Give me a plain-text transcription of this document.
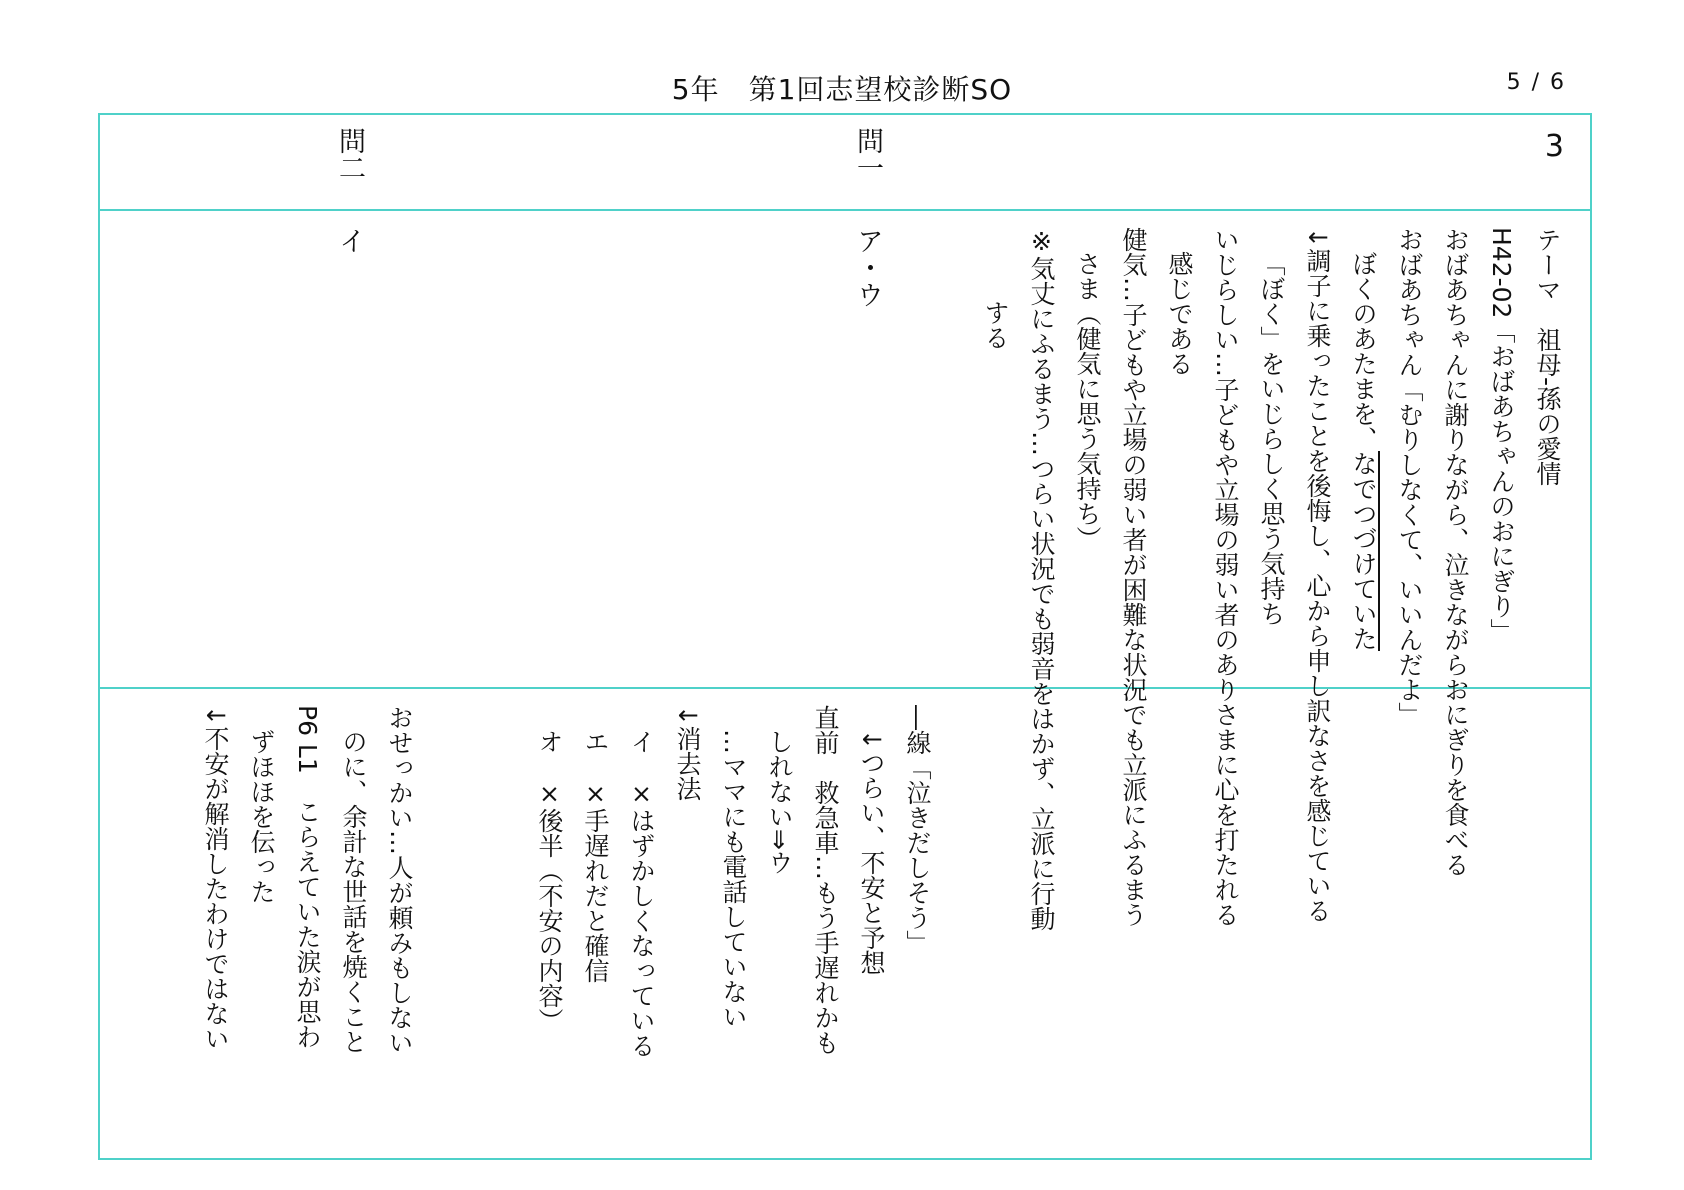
5年　第1回志望校診断SO	5 / 6
3
問一
問二
ア・ウ
イ	テーマ　祖母-孫の愛情
H42-02「おばあちゃんのおにぎり」
おばあちゃんに謝りながら、泣きながらおにぎりを食べる
おばあちゃん「むりしなくて、いいんだよ」
ぼくのあたまを、なでつづけていた
↓調子に乗ったことを後悔し、心から申し訳なさを感じている
「ぼく」をいじらしく思う気持ち
いじらしい…子どもや立場の弱い者のありさまに心を打たれる
感じである
健気…子どもや立場の弱い者が困難な状況でも立派にふるまう
さま（健気に思う気持ち）
※気丈にふるまう…つらい状況でも弱音をはかず、立派に行動
する
―線「泣きだしそう」
↓つらい、不安と予想
直前　救急車…もう手遅れかも
しれない⇒ウ
…ママにも電話していない
↓消去法
イ　×はずかしくなっている
エ　×手遅れだと確信
オ　×後半（不安の内容）
おせっかい…人が頼みもしない
のに、余計な世話を焼くこと
P6 L1　こらえていた涙が思わ
ずほほを伝った
↓不安が解消したわけではない
